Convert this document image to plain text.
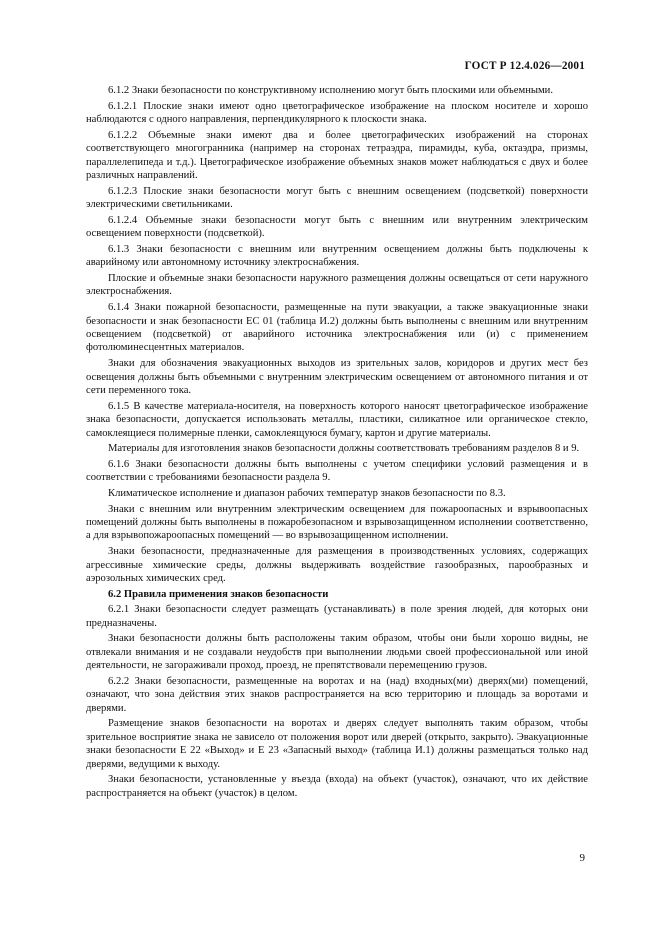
ГОСТ Р 12.4.026—2001

6.1.2 Знаки безопасности по конструктивному исполнению могут быть плоскими или объемными.

6.1.2.1 Плоские знаки имеют одно цветографическое изображение на плоском носителе и хорошо наблюдаются с одного направления, перпендикулярного к плоскости знака.

6.1.2.2 Объемные знаки имеют два и более цветографических изображений на сторонах соответствующего многогранника (например на сторонах тетраэдра, пирамиды, куба, октаэдра, призмы, параллелепипеда и т.д.). Цветографическое изображение объемных знаков может наблюдаться с двух и более различных направлений.

6.1.2.3 Плоские знаки безопасности могут быть с внешним освещением (подсветкой) поверхности электрическими светильниками.

6.1.2.4 Объемные знаки безопасности могут быть с внешним или внутренним электрическим освещением поверхности (подсветкой).

6.1.3 Знаки безопасности с внешним или внутренним освещением должны быть подключены к аварийному или автономному источнику электроснабжения.

Плоские и объемные знаки безопасности наружного размещения должны освещаться от сети наружного электроснабжения.

6.1.4 Знаки пожарной безопасности, размещенные на пути эвакуации, а также эвакуационные знаки безопасности и знак безопасности ЕС 01 (таблица И.2) должны быть выполнены с внешним или внутренним освещением (подсветкой) от аварийного источника электроснабжения или (и) с применением фотолюминесцентных материалов.

Знаки для обозначения эвакуационных выходов из зрительных залов, коридоров и других мест без освещения должны быть объемными с внутренним электрическим освещением от автономного питания и от сети переменного тока.

6.1.5 В качестве материала-носителя, на поверхность которого наносят цветографическое изображение знака безопасности, допускается использовать металлы, пластики, силикатное или органическое стекло, самоклеящиеся полимерные пленки, самоклеящуюся бумагу, картон и другие материалы.

Материалы для изготовления знаков безопасности должны соответствовать требованиям разделов 8 и 9.

6.1.6 Знаки безопасности должны быть выполнены с учетом специфики условий размещения и в соответствии с требованиями безопасности раздела 9.

Климатическое исполнение и диапазон рабочих температур знаков безопасности по 8.3.

Знаки с внешним или внутренним электрическим освещением для пожароопасных и взрывоопасных помещений должны быть выполнены в пожаробезопасном и взрывозащищенном исполнении соответственно, а для взрывопожароопасных помещений — во взрывозащищенном исполнении.

Знаки безопасности, предназначенные для размещения в производственных условиях, содержащих агрессивные химические среды, должны выдерживать воздействие газообразных, парообразных и аэрозольных химических сред.

6.2 Правила применения знаков безопасности

6.2.1 Знаки безопасности следует размещать (устанавливать) в поле зрения людей, для которых они предназначены.

Знаки безопасности должны быть расположены таким образом, чтобы они были хорошо видны, не отвлекали внимания и не создавали неудобств при выполнении людьми своей профессиональной или иной деятельности, не загораживали проход, проезд, не препятствовали перемещению грузов.

6.2.2 Знаки безопасности, размещенные на воротах и на (над) входных(ми) дверях(ми) помещений, означают, что зона действия этих знаков распространяется на всю территорию и площадь за воротами и дверями.

Размещение знаков безопасности на воротах и дверях следует выполнять таким образом, чтобы зрительное восприятие знака не зависело от положения ворот или дверей (открыто, закрыто). Эвакуационные знаки безопасности Е 22 «Выход» и Е 23 «Запасный выход» (таблица И.1) должны размещаться только над дверями, ведущими к выходу.

Знаки безопасности, установленные у въезда (входа) на объект (участок), означают, что их действие распространяется на объект (участок) в целом.

9
